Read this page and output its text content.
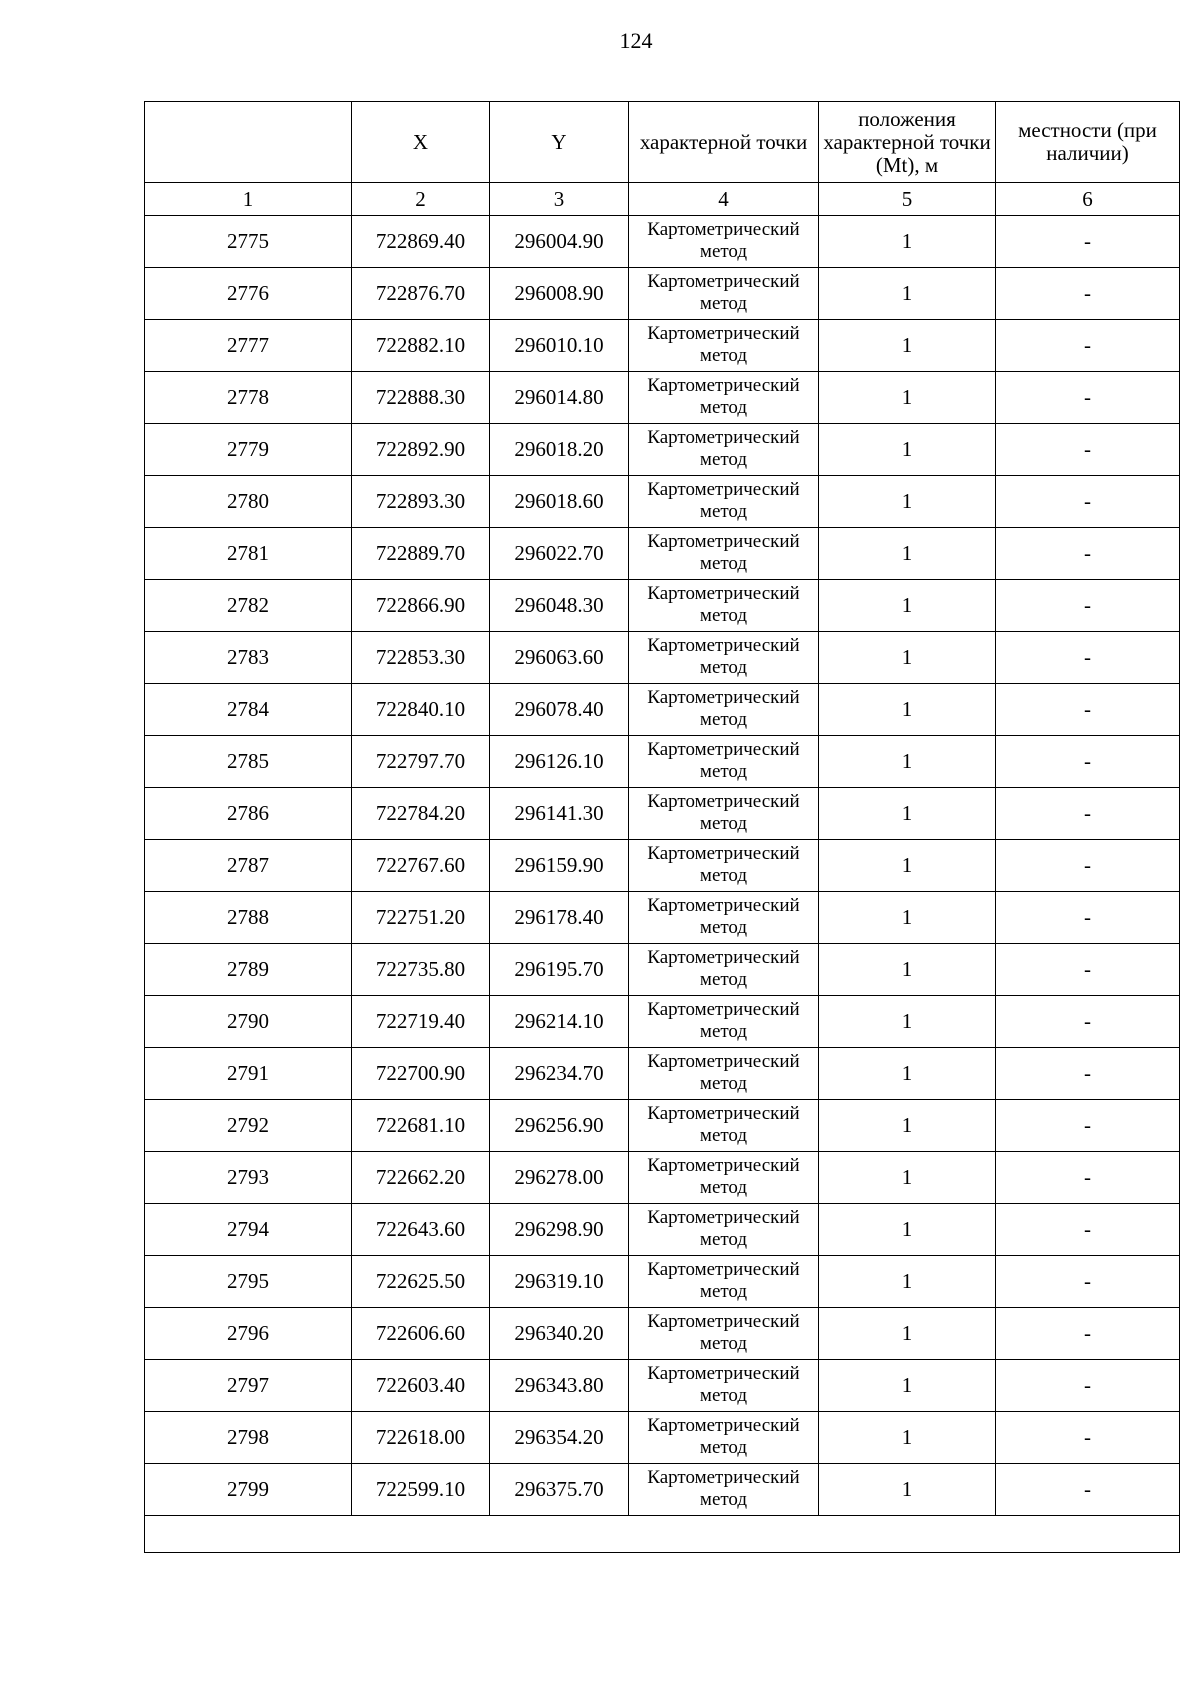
124
	X	Y	характерной точки	положения характерной точки (Mt), м	местности (при наличии)
1	2	3	4	5	6
2775	722869.40	296004.90	Картометрический метод	1	-
2776	722876.70	296008.90	Картометрический метод	1	-
2777	722882.10	296010.10	Картометрический метод	1	-
2778	722888.30	296014.80	Картометрический метод	1	-
2779	722892.90	296018.20	Картометрический метод	1	-
2780	722893.30	296018.60	Картометрический метод	1	-
2781	722889.70	296022.70	Картометрический метод	1	-
2782	722866.90	296048.30	Картометрический метод	1	-
2783	722853.30	296063.60	Картометрический метод	1	-
2784	722840.10	296078.40	Картометрический метод	1	-
2785	722797.70	296126.10	Картометрический метод	1	-
2786	722784.20	296141.30	Картометрический метод	1	-
2787	722767.60	296159.90	Картометрический метод	1	-
2788	722751.20	296178.40	Картометрический метод	1	-
2789	722735.80	296195.70	Картометрический метод	1	-
2790	722719.40	296214.10	Картометрический метод	1	-
2791	722700.90	296234.70	Картометрический метод	1	-
2792	722681.10	296256.90	Картометрический метод	1	-
2793	722662.20	296278.00	Картометрический метод	1	-
2794	722643.60	296298.90	Картометрический метод	1	-
2795	722625.50	296319.10	Картометрический метод	1	-
2796	722606.60	296340.20	Картометрический метод	1	-
2797	722603.40	296343.80	Картометрический метод	1	-
2798	722618.00	296354.20	Картометрический метод	1	-
2799	722599.10	296375.70	Картометрический метод	1	-
